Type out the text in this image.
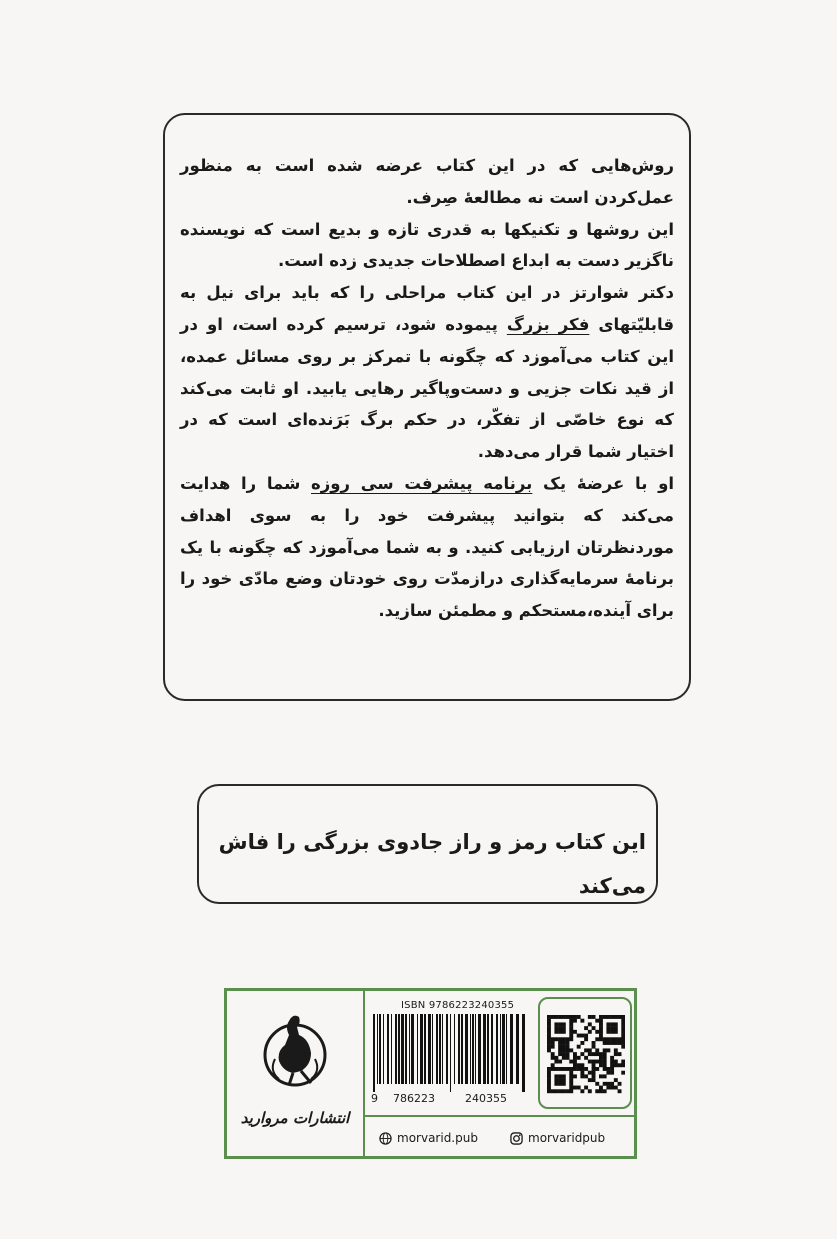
روش‌هایی که در این کتاب عرضه شده است به منظور عمل‌کردن است نه مطالعهٔ صِرف.

این روشها و تکنیکها به قدری تازه و بدیع است که نویسنده ناگزیر دست به ابداع اصطلاحات جدیدی زده است.

دکتر شوارتز در این کتاب مراحلی را که باید برای نیل به قابلیّتهای فکر بزرگ پیموده شود، ترسیم کرده است، او در این کتاب می‌آموزد که چگونه با تمرکز بر روی مسائل عمده، از قید نکات جزیی و دست‌وپاگیر رهایی یابید. او ثابت می‌کند که نوع خاصّی از تفکّر، در حکم برگ بَرَنده‌ای است که در اختیار شما قرار می‌دهد.

او با عرضهٔ یک برنامه پیشرفت سی روزه شما را هدایت می‌کند که بتوانید پیشرفت خود را به سوی اهداف موردنظرتان ارزیابی کنید. و به شما می‌آموزد که چگونه با یک برنامهٔ سرمایه‌گذاری درازمدّت روی خودتان وضع مادّی خود را برای آینده،مستحکم و مطمئن سازید.

این کتاب رمز و راز جادوی بزرگی را فاش می‌کند
انتشارات مروارید
ISBN 9786223240355
9 786223	240355
morvarid.pub	morvaridpub
